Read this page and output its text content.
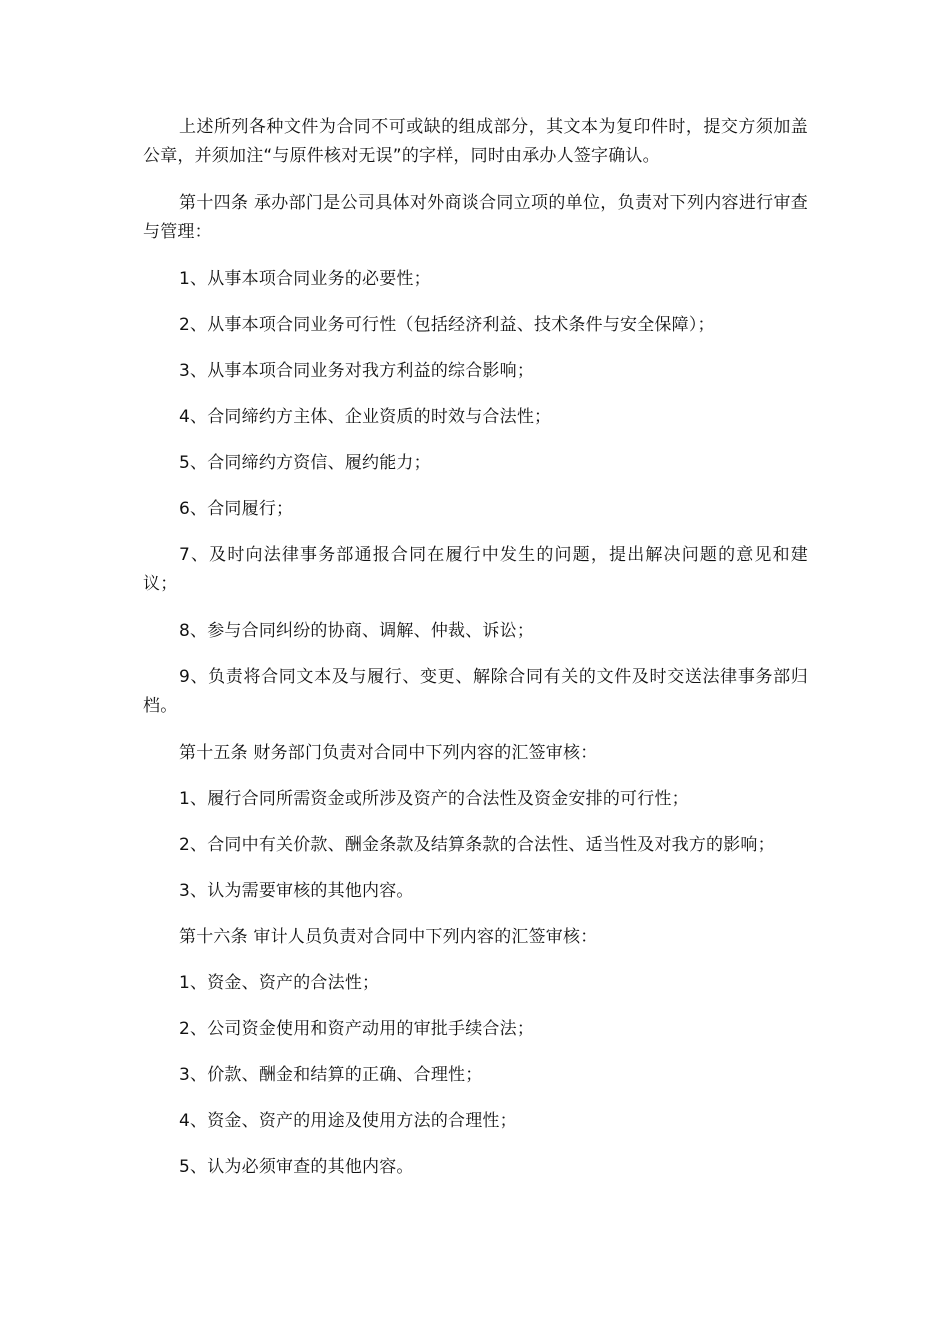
上述所列各种文件为合同不可或缺的组成部分，其文本为复印件时，提交方须加盖公章，并须加注“与原件核对无误”的字样，同时由承办人签字确认。

第十四条 承办部门是公司具体对外商谈合同立项的单位，负责对下列内容进行审查与管理：

1、从事本项合同业务的必要性；

2、从事本项合同业务可行性（包括经济利益、技术条件与安全保障）；

3、从事本项合同业务对我方利益的综合影响；

4、合同缔约方主体、企业资质的时效与合法性；

5、合同缔约方资信、履约能力；

6、合同履行；

7、及时向法律事务部通报合同在履行中发生的问题，提出解决问题的意见和建议；

8、参与合同纠纷的协商、调解、仲裁、诉讼；

9、负责将合同文本及与履行、变更、解除合同有关的文件及时交送法律事务部归档。

第十五条 财务部门负责对合同中下列内容的汇签审核：

1、履行合同所需资金或所涉及资产的合法性及资金安排的可行性；

2、合同中有关价款、酬金条款及结算条款的合法性、适当性及对我方的影响；

3、认为需要审核的其他内容。

第十六条 审计人员负责对合同中下列内容的汇签审核：

1、资金、资产的合法性；

2、公司资金使用和资产动用的审批手续合法；

3、价款、酬金和结算的正确、合理性；

4、资金、资产的用途及使用方法的合理性；

5、认为必须审查的其他内容。
